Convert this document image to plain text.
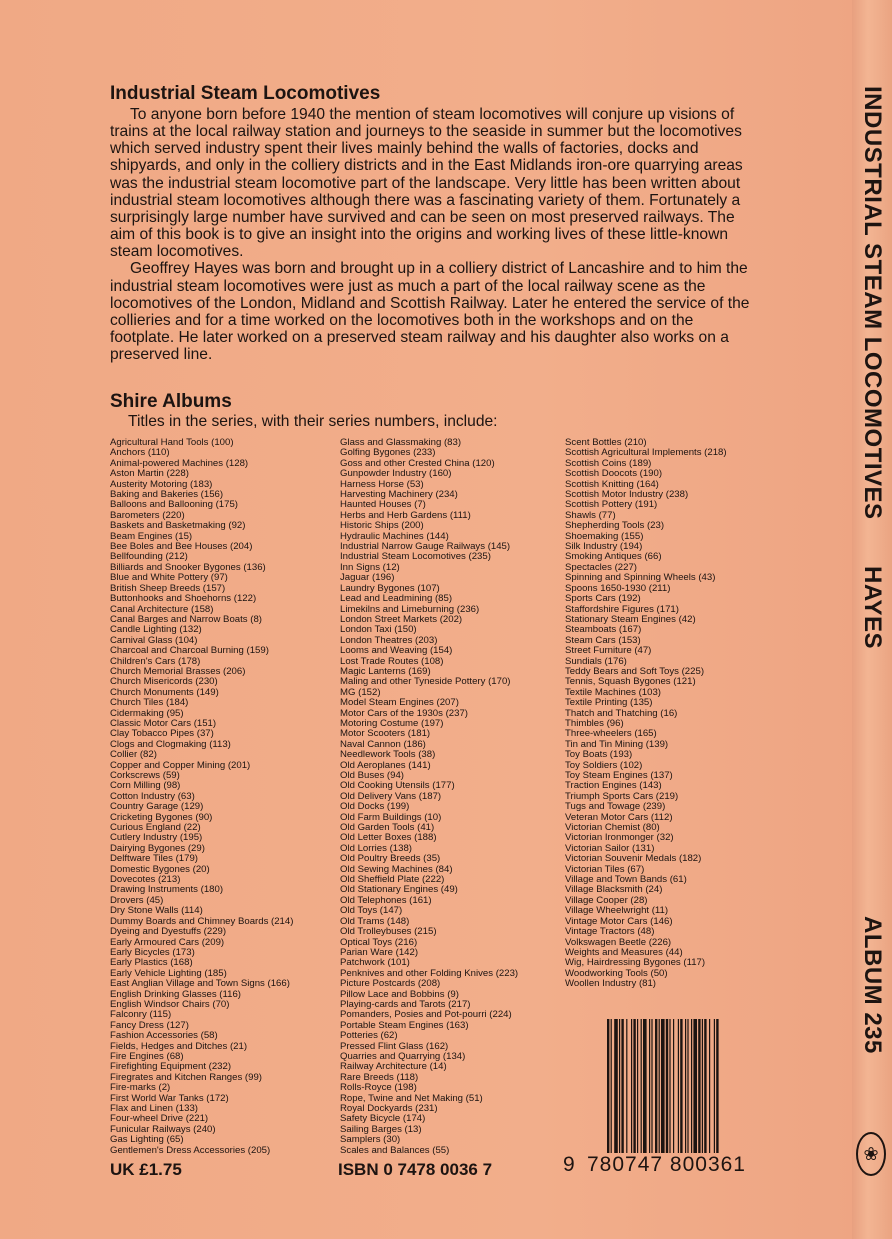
Industrial Steam Locomotives

To anyone born before 1940 the mention of steam locomotives will conjure up visions of trains at the local railway station and journeys to the seaside in summer but the locomotives which served industry spent their lives mainly behind the walls of factories, docks and shipyards, and only in the colliery districts and in the East Midlands iron-ore quarrying areas was the industrial steam locomotive part of the landscape. Very little has been written about industrial steam locomotives although there was a fascinating variety of them. Fortunately a surprisingly large number have survived and can be seen on most preserved railways. The aim of this book is to give an insight into the origins and working lives of these little-known steam locomotives.

Geoffrey Hayes was born and brought up in a colliery district of Lancashire and to him the industrial steam locomotives were just as much a part of the local railway scene as the locomotives of the London, Midland and Scottish Railway. Later he entered the service of the collieries and for a time worked on the locomotives both in the workshops and on the footplate. He later worked on a preserved steam railway and his daughter also works on a preserved line.

Shire Albums
Titles in the series, with their series numbers, include:
Agricultural Hand Tools (100)
Anchors (110)
Animal-powered Machines (128)
Aston Martin (228)
Austerity Motoring (183)
Baking and Bakeries (156)
Balloons and Ballooning (175)
Barometers (220)
Baskets and Basketmaking (92)
Beam Engines (15)
Bee Boles and Bee Houses (204)
Bellfounding (212)
Billiards and Snooker Bygones (136)
Blue and White Pottery (97)
British Sheep Breeds (157)
Buttonhooks and Shoehorns (122)
Canal Architecture (158)
Canal Barges and Narrow Boats (8)
Candle Lighting (132)
Carnival Glass (104)
Charcoal and Charcoal Burning (159)
Children's Cars (178)
Church Memorial Brasses (206)
Church Misericords (230)
Church Monuments (149)
Church Tiles (184)
Cidermaking (95)
Classic Motor Cars (151)
Clay Tobacco Pipes (37)
Clogs and Clogmaking (113)
Collier (82)
Copper and Copper Mining (201)
Corkscrews (59)
Corn Milling (98)
Cotton Industry (63)
Country Garage (129)
Cricketing Bygones (90)
Curious England (22)
Cutlery Industry (195)
Dairying Bygones (29)
Delftware Tiles (179)
Domestic Bygones (20)
Dovecotes (213)
Drawing Instruments (180)
Drovers (45)
Dry Stone Walls (114)
Dummy Boards and Chimney Boards (214)
Dyeing and Dyestuffs (229)
Early Armoured Cars (209)
Early Bicycles (173)
Early Plastics (168)
Early Vehicle Lighting (185)
East Anglian Village and Town Signs (166)
English Drinking Glasses (116)
English Windsor Chairs (70)
Falconry (115)
Fancy Dress (127)
Fashion Accessories (58)
Fields, Hedges and Ditches (21)
Fire Engines (68)
Firefighting Equipment (232)
Firegrates and Kitchen Ranges (99)
Fire-marks (2)
First World War Tanks (172)
Flax and Linen (133)
Four-wheel Drive (221)
Funicular Railways (240)
Gas Lighting (65)
Gentlemen's Dress Accessories (205)
Glass and Glassmaking (83)
Golfing Bygones (233)
Goss and other Crested China (120)
Gunpowder Industry (160)
Harness Horse (53)
Harvesting Machinery (234)
Haunted Houses (7)
Herbs and Herb Gardens (111)
Historic Ships (200)
Hydraulic Machines (144)
Industrial Narrow Gauge Railways (145)
Industrial Steam Locomotives (235)
Inn Signs (12)
Jaguar (196)
Laundry Bygones (107)
Lead and Leadmining (85)
Limekilns and Limeburning (236)
London Street Markets (202)
London Taxi (150)
London Theatres (203)
Looms and Weaving (154)
Lost Trade Routes (108)
Magic Lanterns (169)
Maling and other Tyneside Pottery (170)
MG (152)
Model Steam Engines (207)
Motor Cars of the 1930s (237)
Motoring Costume (197)
Motor Scooters (181)
Naval Cannon (186)
Needlework Tools (38)
Old Aeroplanes (141)
Old Buses (94)
Old Cooking Utensils (177)
Old Delivery Vans (187)
Old Docks (199)
Old Farm Buildings (10)
Old Garden Tools (41)
Old Letter Boxes (188)
Old Lorries (138)
Old Poultry Breeds (35)
Old Sewing Machines (84)
Old Sheffield Plate (222)
Old Stationary Engines (49)
Old Telephones (161)
Old Toys (147)
Old Trams (148)
Old Trolleybuses (215)
Optical Toys (216)
Parian Ware (142)
Patchwork (101)
Penknives and other Folding Knives (223)
Picture Postcards (208)
Pillow Lace and Bobbins (9)
Playing-cards and Tarots (217)
Pomanders, Posies and Pot-pourri (224)
Portable Steam Engines (163)
Potteries (62)
Pressed Flint Glass (162)
Quarries and Quarrying (134)
Railway Architecture (14)
Rare Breeds (118)
Rolls-Royce (198)
Rope, Twine and Net Making (51)
Royal Dockyards (231)
Safety Bicycle (174)
Sailing Barges (13)
Samplers (30)
Scales and Balances (55)
Scent Bottles (210)
Scottish Agricultural Implements (218)
Scottish Coins (189)
Scottish Doocots (190)
Scottish Knitting (164)
Scottish Motor Industry (238)
Scottish Pottery (191)
Shawls (77)
Shepherding Tools (23)
Shoemaking (155)
Silk Industry (194)
Smoking Antiques (66)
Spectacles (227)
Spinning and Spinning Wheels (43)
Spoons 1650-1930 (211)
Sports Cars (192)
Staffordshire Figures (171)
Stationary Steam Engines (42)
Steamboats (167)
Steam Cars (153)
Street Furniture (47)
Sundials (176)
Teddy Bears and Soft Toys (225)
Tennis, Squash Bygones (121)
Textile Machines (103)
Textile Printing (135)
Thatch and Thatching (16)
Thimbles (96)
Three-wheelers (165)
Tin and Tin Mining (139)
Toy Boats (193)
Toy Soldiers (102)
Toy Steam Engines (137)
Traction Engines (143)
Triumph Sports Cars (219)
Tugs and Towage (239)
Veteran Motor Cars (112)
Victorian Chemist (80)
Victorian Ironmonger (32)
Victorian Sailor (131)
Victorian Souvenir Medals (182)
Victorian Tiles (67)
Village and Town Bands (61)
Village Blacksmith (24)
Village Cooper (28)
Village Wheelwright (11)
Vintage Motor Cars (146)
Vintage Tractors (48)
Volkswagen Beetle (226)
Weights and Measures (44)
Wig, Hairdressing Bygones (117)
Woodworking Tools (50)
Woollen Industry (81)
UK £1.75	ISBN 0 7478 0036 7	9 780747 800361
INDUSTRIAL STEAM LOCOMOTIVES
HAYES
ALBUM 235
❀
